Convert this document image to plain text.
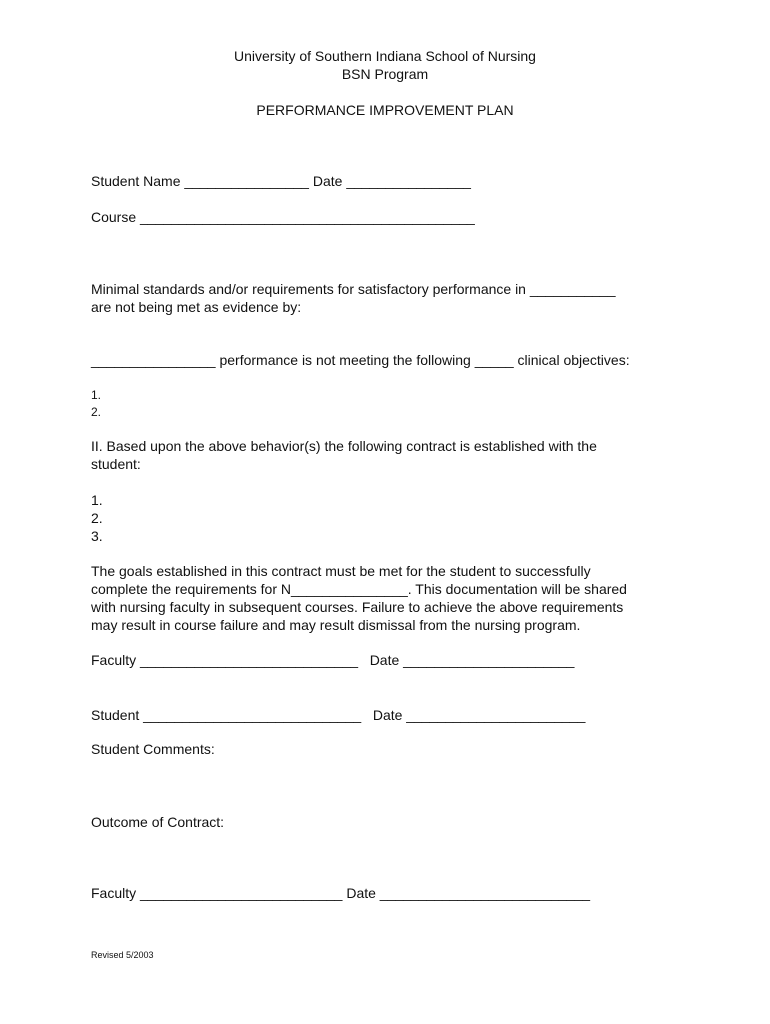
University of Southern Indiana School of Nursing
BSN Program
PERFORMANCE IMPROVEMENT PLAN
Student Name ________________ Date ________________
Course ___________________________________________
Minimal standards and/or requirements for satisfactory performance in ___________
are not being met as evidence by:
________________ performance is not meeting the following _____ clinical objectives:
1.
2.
II. Based upon the above behavior(s) the following contract is established with the
student:
1.
2.
3.
The goals established in this contract must be met for the student to successfully
complete the requirements for N_______________. This documentation will be shared
with nursing faculty in subsequent courses. Failure to achieve the above requirements
may result in course failure and may result dismissal from the nursing program.
Faculty ____________________________   Date ______________________
Student ____________________________   Date _______________________
Student Comments:
Outcome of Contract:
Faculty __________________________ Date ___________________________
Revised 5/2003
